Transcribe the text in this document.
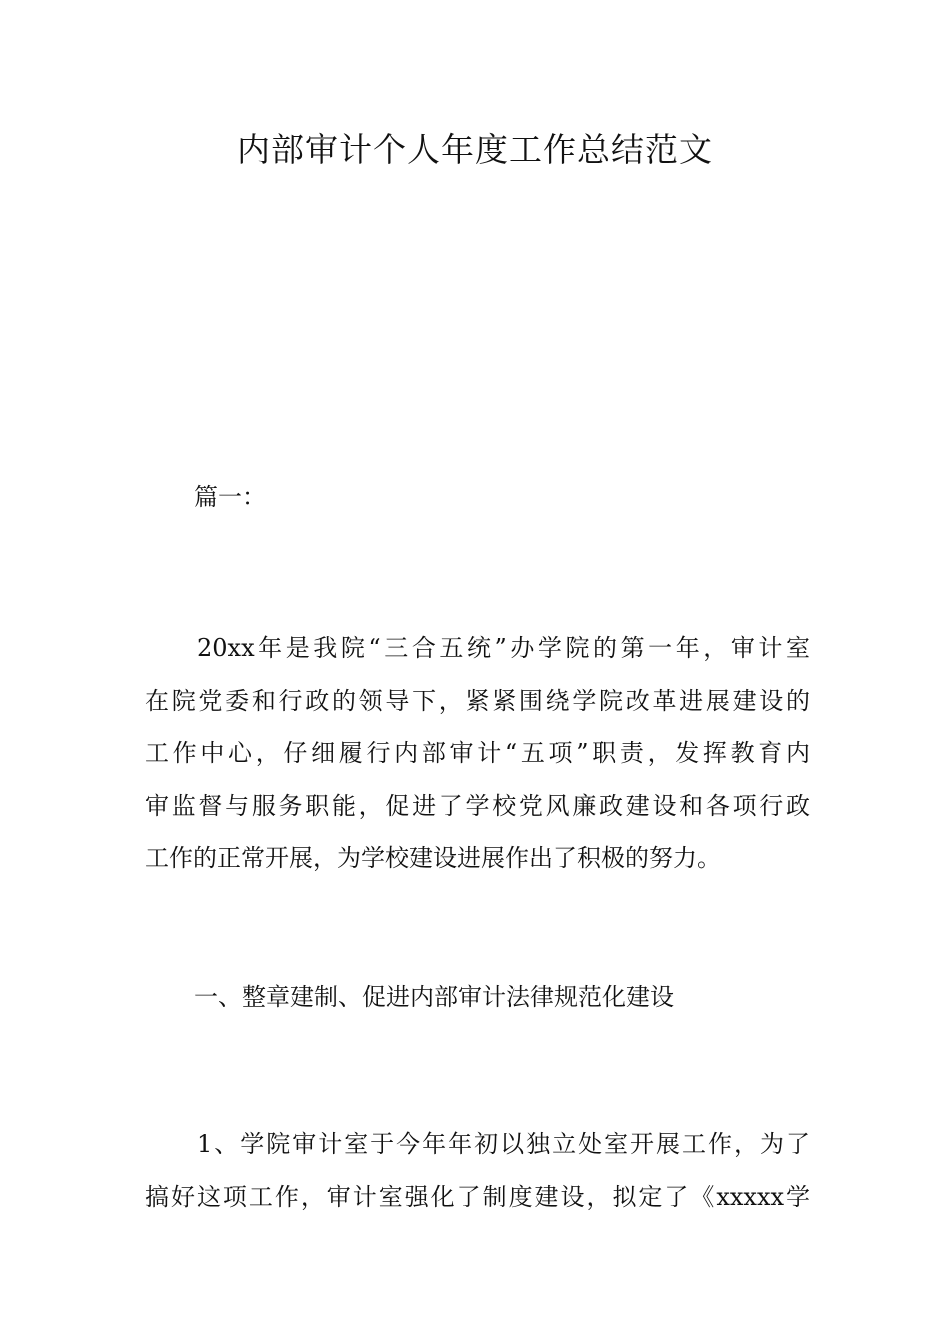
内部审计个人年度工作总结范文
篇一：
20xx年是我院“三合五统”办学院的第一年，审计室
在院党委和行政的领导下，紧紧围绕学院改革进展建设的
工作中心，仔细履行内部审计“五项”职责，发挥教育内
审监督与服务职能，促进了学校党风廉政建设和各项行政
工作的正常开展，为学校建设进展作出了积极的努力。
一、整章建制、促进内部审计法律规范化建设
1、学院审计室于今年年初以独立处室开展工作，为了
搞好这项工作，审计室强化了制度建设，拟定了《xxxxx学
